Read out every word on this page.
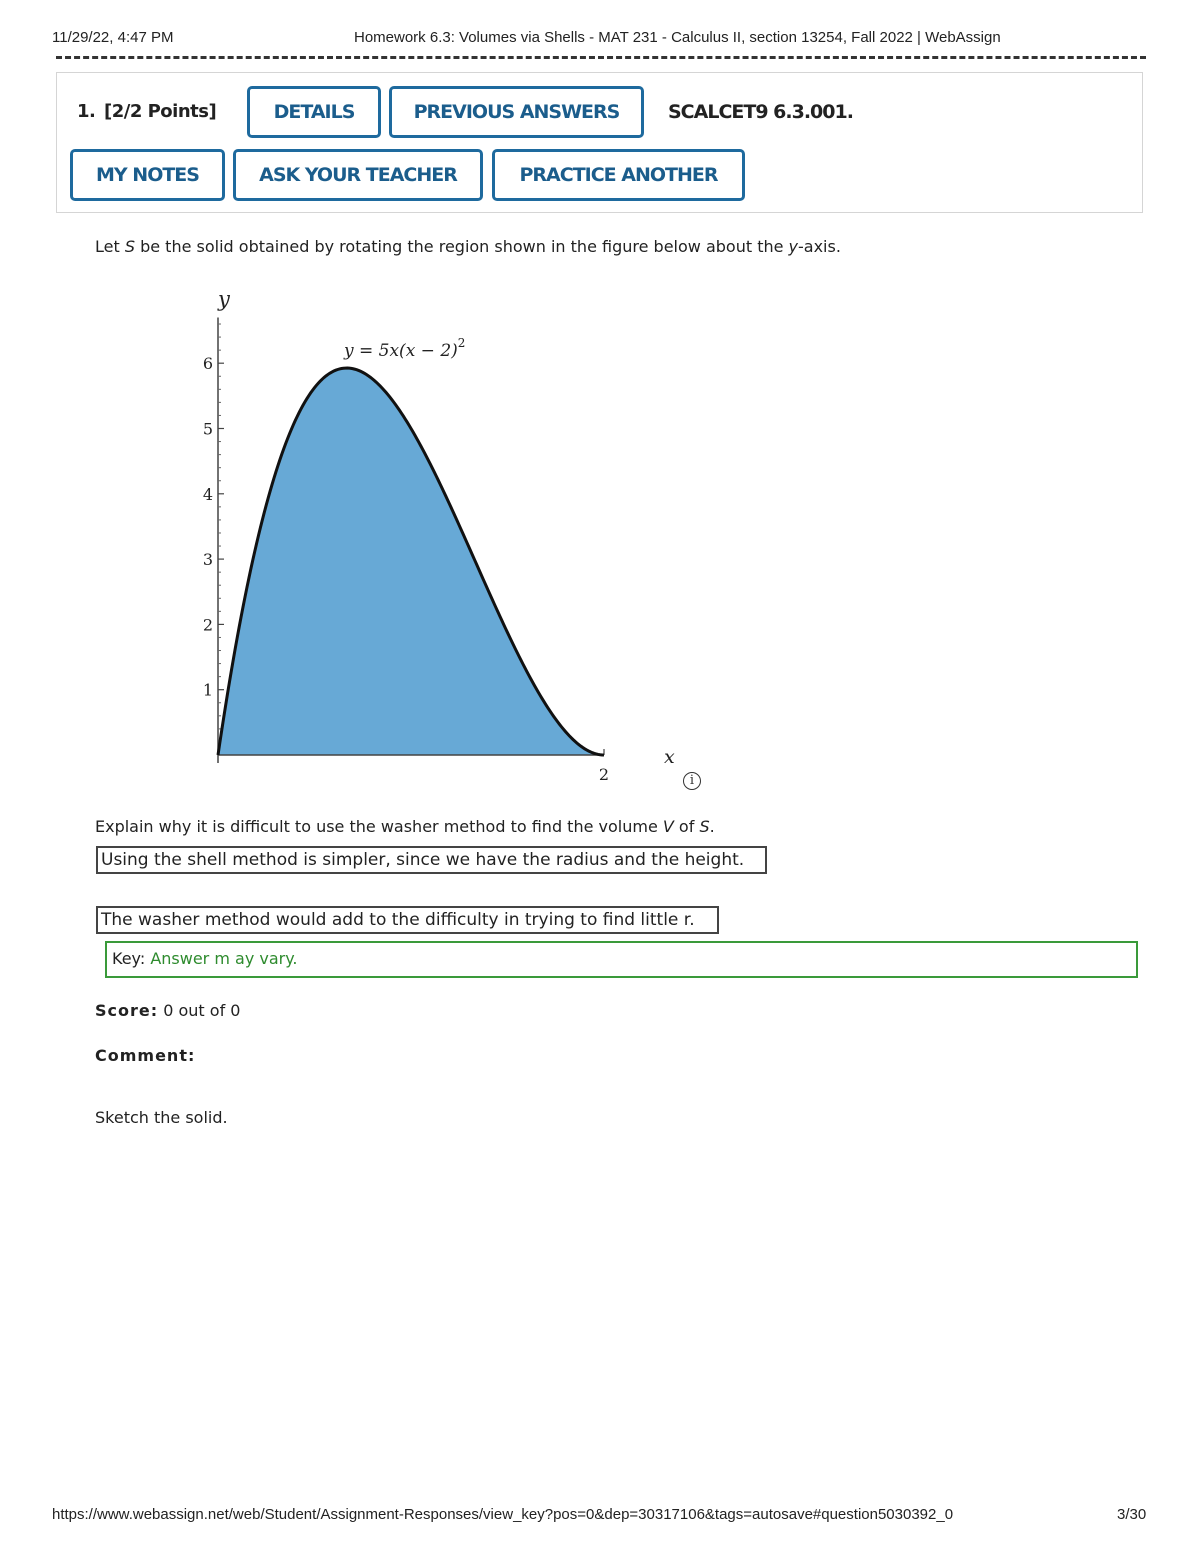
11/29/22, 4:47 PM	Homework 6.3: Volumes via Shells - MAT 231 - Calculus II, section 13254, Fall 2022 | WebAssign
1. [2/2 Points]	DETAILS	PREVIOUS ANSWERS	SCALCET9 6.3.001.
MY NOTES	ASK YOUR TEACHER	PRACTICE ANOTHER
Let S be the solid obtained by rotating the region shown in the figure below about the y-axis.
1
2
3
4
5
6
2
y
x
$y = 5x(x - 2)^2$
i
Explain why it is difficult to use the washer method to find the volume V of S.
Using the shell method is simpler, since we have the radius and the height.
The washer method would add to the difficulty in trying to find little r.
Key: Answer m ay vary.
Score: 0 out of 0
Comment:
Sketch the solid.
https://www.webassign.net/web/Student/Assignment-Responses/view_key?pos=0&dep=30317106&tags=autosave#question5030392_0	3/30
